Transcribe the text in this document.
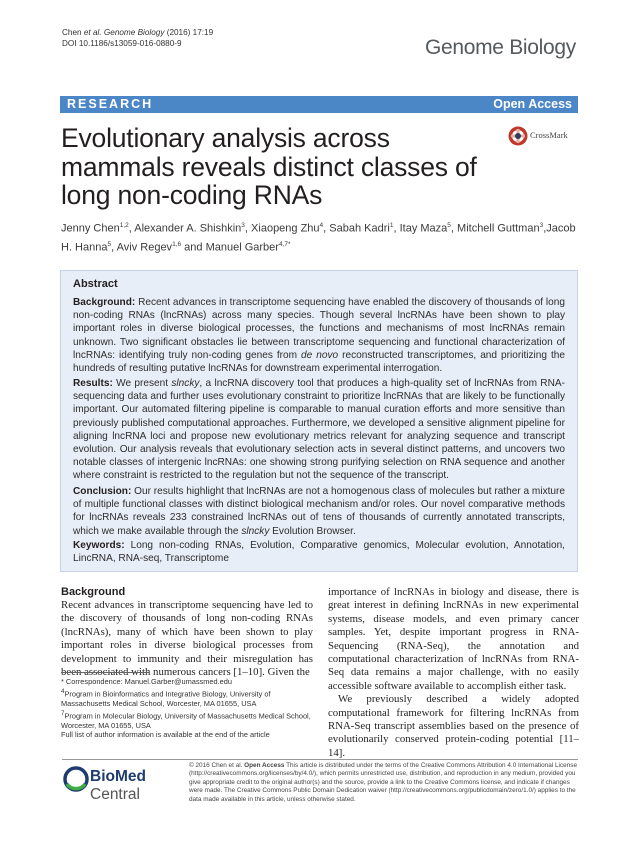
Chen et al. Genome Biology (2016) 17:19
DOI 10.1186/s13059-016-0880-9	Genome Biology
RESEARCH	Open Access
Evolutionary analysis across mammals reveals distinct classes of long non-coding RNAs
CrossMark
Jenny Chen$^{1,2}$, Alexander A. Shishkin$^3$, Xiaopeng Zhu$^4$, Sabah Kadri$^1$, Itay Maza$^5$, Mitchell Guttman$^3$,Jacob H. Hanna$^5$, Aviv Regev$^{1,6}$ and Manuel Garber$^{4,7*}$
Abstract
Background: Recent advances in transcriptome sequencing have enabled the discovery of thousands of long non-coding RNAs (lncRNAs) across many species. Though several lncRNAs have been shown to play important roles in diverse biological processes, the functions and mechanisms of most lncRNAs remain unknown. Two significant obstacles lie between transcriptome sequencing and functional characterization of lncRNAs: identifying truly non-coding genes from de novo reconstructed transcriptomes, and prioritizing the hundreds of resulting putative lncRNAs for downstream experimental interrogation.
Results: We present slncky, a lncRNA discovery tool that produces a high-quality set of lncRNAs from RNA-sequencing data and further uses evolutionary constraint to prioritize lncRNAs that are likely to be functionally important. Our automated filtering pipeline is comparable to manual curation efforts and more sensitive than previously published computational approaches. Furthermore, we developed a sensitive alignment pipeline for aligning lncRNA loci and propose new evolutionary metrics relevant for analyzing sequence and transcript evolution. Our analysis reveals that evolutionary selection acts in several distinct patterns, and uncovers two notable classes of intergenic lncRNAs: one showing strong purifying selection on RNA sequence and another where constraint is restricted to the regulation but not the sequence of the transcript.
Conclusion: Our results highlight that lncRNAs are not a homogenous class of molecules but rather a mixture of multiple functional classes with distinct biological mechanism and/or roles. Our novel comparative methods for lncRNAs reveals 233 constrained lncRNAs out of tens of thousands of currently annotated transcripts, which we make available through the slncky Evolution Browser.
Keywords: Long non-coding RNAs, Evolution, Comparative genomics, Molecular evolution, Annotation, LincRNA, RNA-seq, Transcriptome
Background
Recent advances in transcriptome sequencing have led to the discovery of thousands of long non-coding RNAs (lncRNAs), many of which have been shown to play important roles in diverse biological processes from development to immunity and their misregulation has been associated with numerous cancers [1–10]. Given the
importance of lncRNAs in biology and disease, there is great interest in defining lncRNAs in new experimental systems, disease models, and even primary cancer samples. Yet, despite important progress in RNA-Sequencing (RNA-Seq), the annotation and computational characterization of lncRNAs from RNA-Seq data remains a major challenge, with no easily accessible software available to accomplish either task.
We previously described a widely adopted computational framework for filtering lncRNAs from RNA-Seq transcript assemblies based on the presence of evolutionarily conserved protein-coding potential [11–14].
* Correspondence: Manuel.Garber@umassmed.edu
$^4$Program in Bioinformatics and Integrative Biology, University of Massachusetts Medical School, Worcester, MA 01655, USA
$^7$Program in Molecular Biology, University of Massachusetts Medical School, Worcester, MA 01655, USA
Full list of author information is available at the end of the article
BioMed Central
© 2016 Chen et al. Open Access This article is distributed under the terms of the Creative Commons Attribution 4.0 International License (http://creativecommons.org/licenses/by/4.0/), which permits unrestricted use, distribution, and reproduction in any medium, provided you give appropriate credit to the original author(s) and the source, provide a link to the Creative Commons license, and indicate if changes were made. The Creative Commons Public Domain Dedication waiver (http://creativecommons.org/publicdomain/zero/1.0/) applies to the data made available in this article, unless otherwise stated.
